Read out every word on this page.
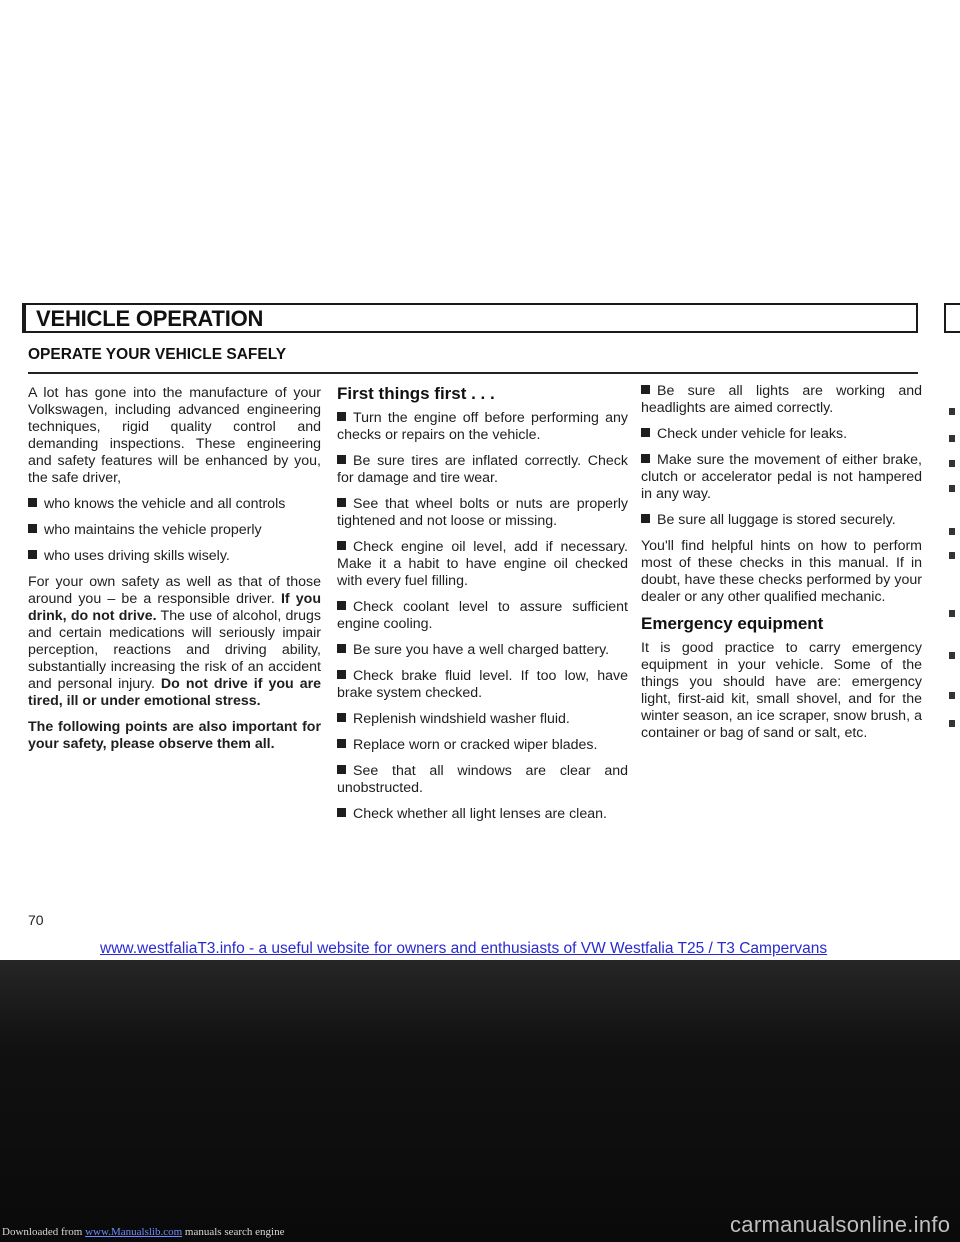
VEHICLE OPERATION
OPERATE YOUR VEHICLE SAFELY

A lot has gone into the manufacture of your Volkswagen, including advanced engineering techniques, rigid quality control and demanding inspections. These engineering and safety features will be enhanced by you, the safe driver,

who knows the vehicle and all controls
who maintains the vehicle properly
who uses driving skills wisely.

For your own safety as well as that of those around you – be a responsible driver. If you drink, do not drive. The use of alcohol, drugs and certain medications will seriously impair perception, reactions and driving ability, substantially increasing the risk of an accident and personal injury. Do not drive if you are tired, ill or under emotional stress.

The following points are also important for your safety, please observe them all.

First things first . . .
Turn the engine off before performing any checks or repairs on the vehicle.
Be sure tires are inflated correctly. Check for damage and tire wear.
See that wheel bolts or nuts are properly tightened and not loose or missing.
Check engine oil level, add if necessary. Make it a habit to have engine oil checked with every fuel filling.
Check coolant level to assure sufficient engine cooling.
Be sure you have a well charged battery.
Check brake fluid level. If too low, have brake system checked.
Replenish windshield washer fluid.
Replace worn or cracked wiper blades.
See that all windows are clear and unobstructed.
Check whether all light lenses are clean.
Be sure all lights are working and headlights are aimed correctly.
Check under vehicle for leaks.
Make sure the movement of either brake, clutch or accelerator pedal is not hampered in any way.
Be sure all luggage is stored securely.

You'll find helpful hints on how to perform most of these checks in this manual. If in doubt, have these checks performed by your dealer or any other qualified mechanic.

Emergency equipment

It is good practice to carry emergency equipment in your vehicle. Some of the things you should have are: emergency light, first-aid kit, small shovel, and for the winter season, an ice scraper, snow brush, a container or bag of sand or salt, etc.

70
www.westfaliaT3.info - a useful website for owners and enthusiasts of VW Westfalia T25 / T3 Campervans
Downloaded from www.Manualslib.com manuals search engine	carmanualsonline.info
